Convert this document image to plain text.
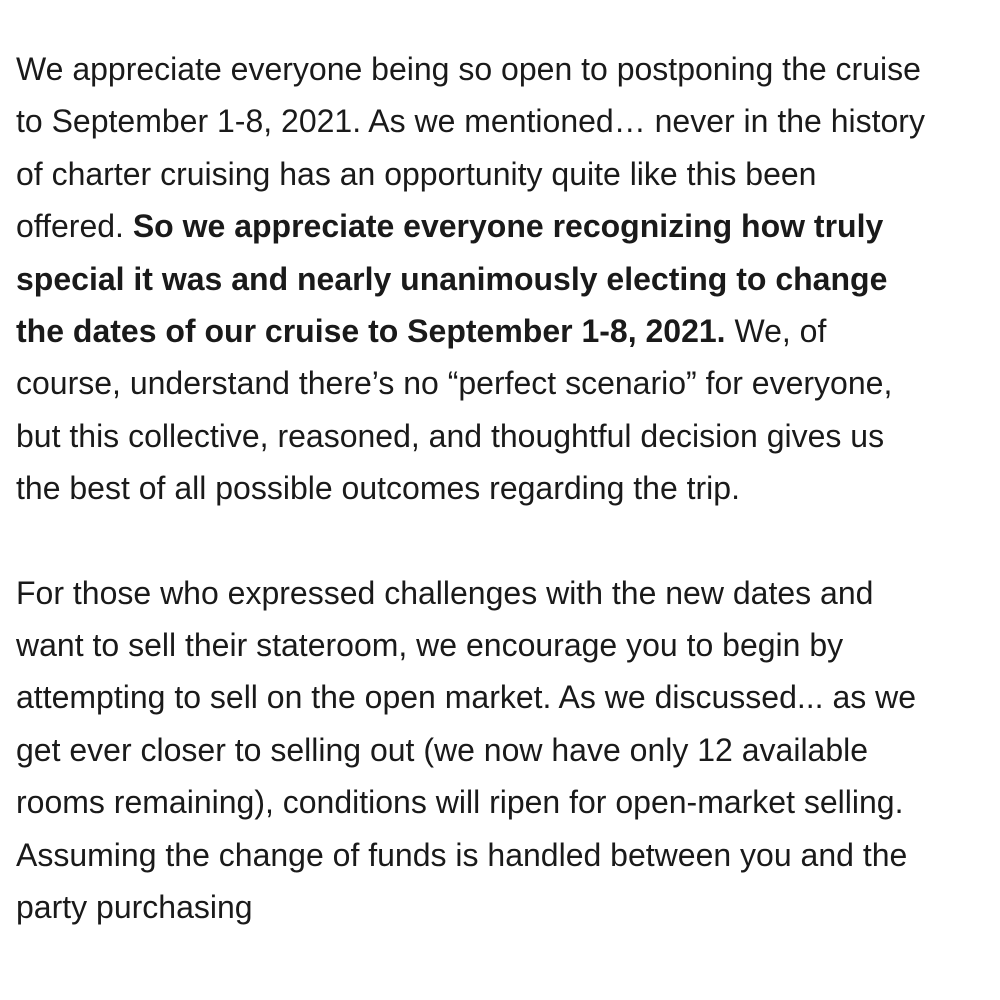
We appreciate everyone being so open to postponing the cruise to September 1-8, 2021. As we mentioned… never in the history of charter cruising has an opportunity quite like this been offered. So we appreciate everyone recognizing how truly special it was and nearly unanimously electing to change the dates of our cruise to September 1-8, 2021. We, of course, understand there’s no “perfect scenario” for everyone, but this collective, reasoned, and thoughtful decision gives us the best of all possible outcomes regarding the trip.

For those who expressed challenges with the new dates and want to sell their stateroom, we encourage you to begin by attempting to sell on the open market. As we discussed... as we get ever closer to selling out (we now have only 12 available rooms remaining), conditions will ripen for open-market selling. Assuming the change of funds is handled between you and the party purchasing
